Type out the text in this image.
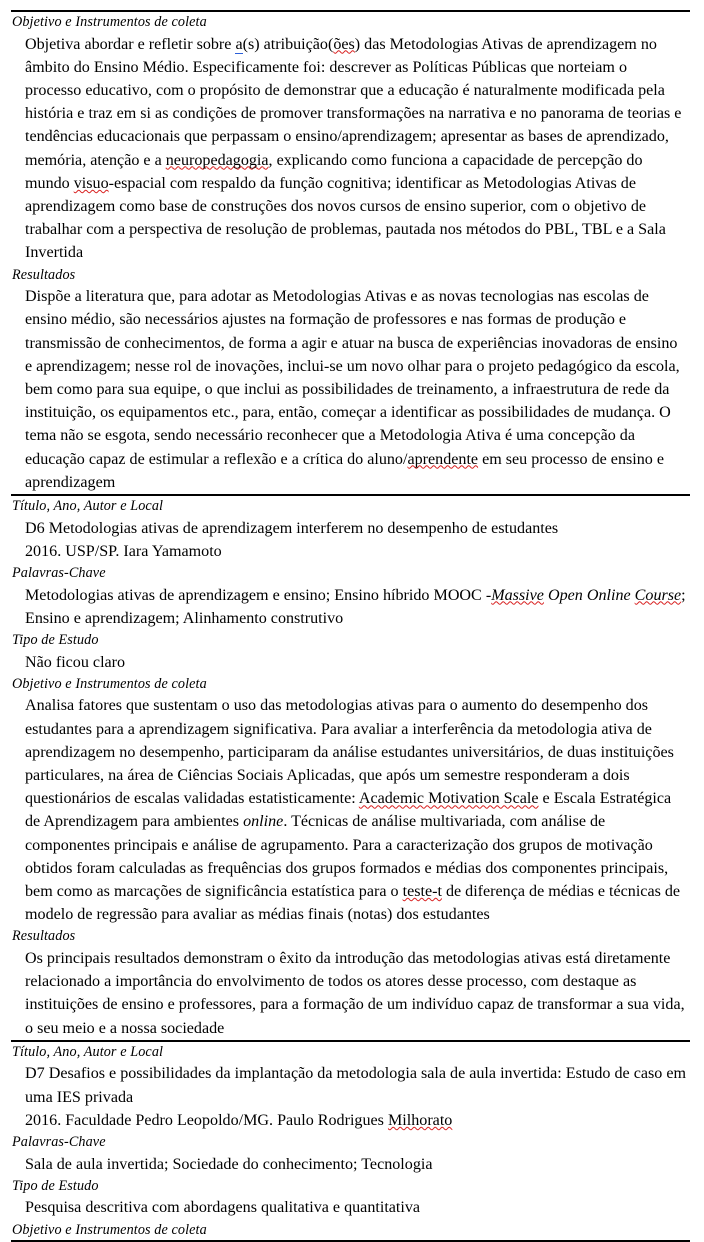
Objetivo e Instrumentos de coleta
Objetiva abordar e refletir sobre a(s) atribuição(ões) das Metodologias Ativas de aprendizagem no âmbito do Ensino Médio. Especificamente foi: descrever as Políticas Públicas que norteiam o processo educativo, com o propósito de demonstrar que a educação é naturalmente modificada pela história e traz em si as condições de promover transformações na narrativa e no panorama de teorias e tendências educacionais que perpassam o ensino/aprendizagem; apresentar as bases de aprendizado, memória, atenção e a neuropedagogia, explicando como funciona a capacidade de percepção do mundo visuo-espacial com respaldo da função cognitiva; identificar as Metodologias Ativas de aprendizagem como base de construções dos novos cursos de ensino superior, com o objetivo de trabalhar com a perspectiva de resolução de problemas, pautada nos métodos do PBL, TBL e a Sala Invertida
Resultados
Dispõe a literatura que, para adotar as Metodologias Ativas e as novas tecnologias nas escolas de ensino médio, são necessários ajustes na formação de professores e nas formas de produção e transmissão de conhecimentos, de forma a agir e atuar na busca de experiências inovadoras de ensino e aprendizagem; nesse rol de inovações, inclui-se um novo olhar para o projeto pedagógico da escola, bem como para sua equipe, o que inclui as possibilidades de treinamento, a infraestrutura de rede da instituição, os equipamentos etc., para, então, começar a identificar as possibilidades de mudança. O tema não se esgota, sendo necessário reconhecer que a Metodologia Ativa é uma concepção da educação capaz de estimular a reflexão e a crítica do aluno/aprendente em seu processo de ensino e aprendizagem
Título, Ano, Autor e Local
D6 Metodologias ativas de aprendizagem interferem no desempenho de estudantes
2016. USP/SP. Iara Yamamoto
Palavras-Chave
Metodologias ativas de aprendizagem e ensino; Ensino híbrido MOOC -Massive Open Online Course; Ensino e aprendizagem; Alinhamento construtivo
Tipo de Estudo
Não ficou claro
Objetivo e Instrumentos de coleta
Analisa fatores que sustentam o uso das metodologias ativas para o aumento do desempenho dos estudantes para a aprendizagem significativa. Para avaliar a interferência da metodologia ativa de aprendizagem no desempenho, participaram da análise estudantes universitários, de duas instituições particulares, na área de Ciências Sociais Aplicadas, que após um semestre responderam a dois questionários de escalas validadas estatisticamente: Academic Motivation Scale e Escala Estratégica de Aprendizagem para ambientes online. Técnicas de análise multivariada, com análise de componentes principais e análise de agrupamento. Para a caracterização dos grupos de motivação obtidos foram calculadas as frequências dos grupos formados e médias dos componentes principais, bem como as marcações de significância estatística para o teste-t de diferença de médias e técnicas de modelo de regressão para avaliar as médias finais (notas) dos estudantes
Resultados
Os principais resultados demonstram o êxito da introdução das metodologias ativas está diretamente relacionado a importância do envolvimento de todos os atores desse processo, com destaque as instituições de ensino e professores, para a formação de um indivíduo capaz de transformar a sua vida, o seu meio e a nossa sociedade
Título, Ano, Autor e Local
D7 Desafios e possibilidades da implantação da metodologia sala de aula invertida: Estudo de caso em uma IES privada
2016. Faculdade Pedro Leopoldo/MG. Paulo Rodrigues Milhorato
Palavras-Chave
Sala de aula invertida; Sociedade do conhecimento; Tecnologia
Tipo de Estudo
Pesquisa descritiva com abordagens qualitativa e quantitativa
Objetivo e Instrumentos de coleta
